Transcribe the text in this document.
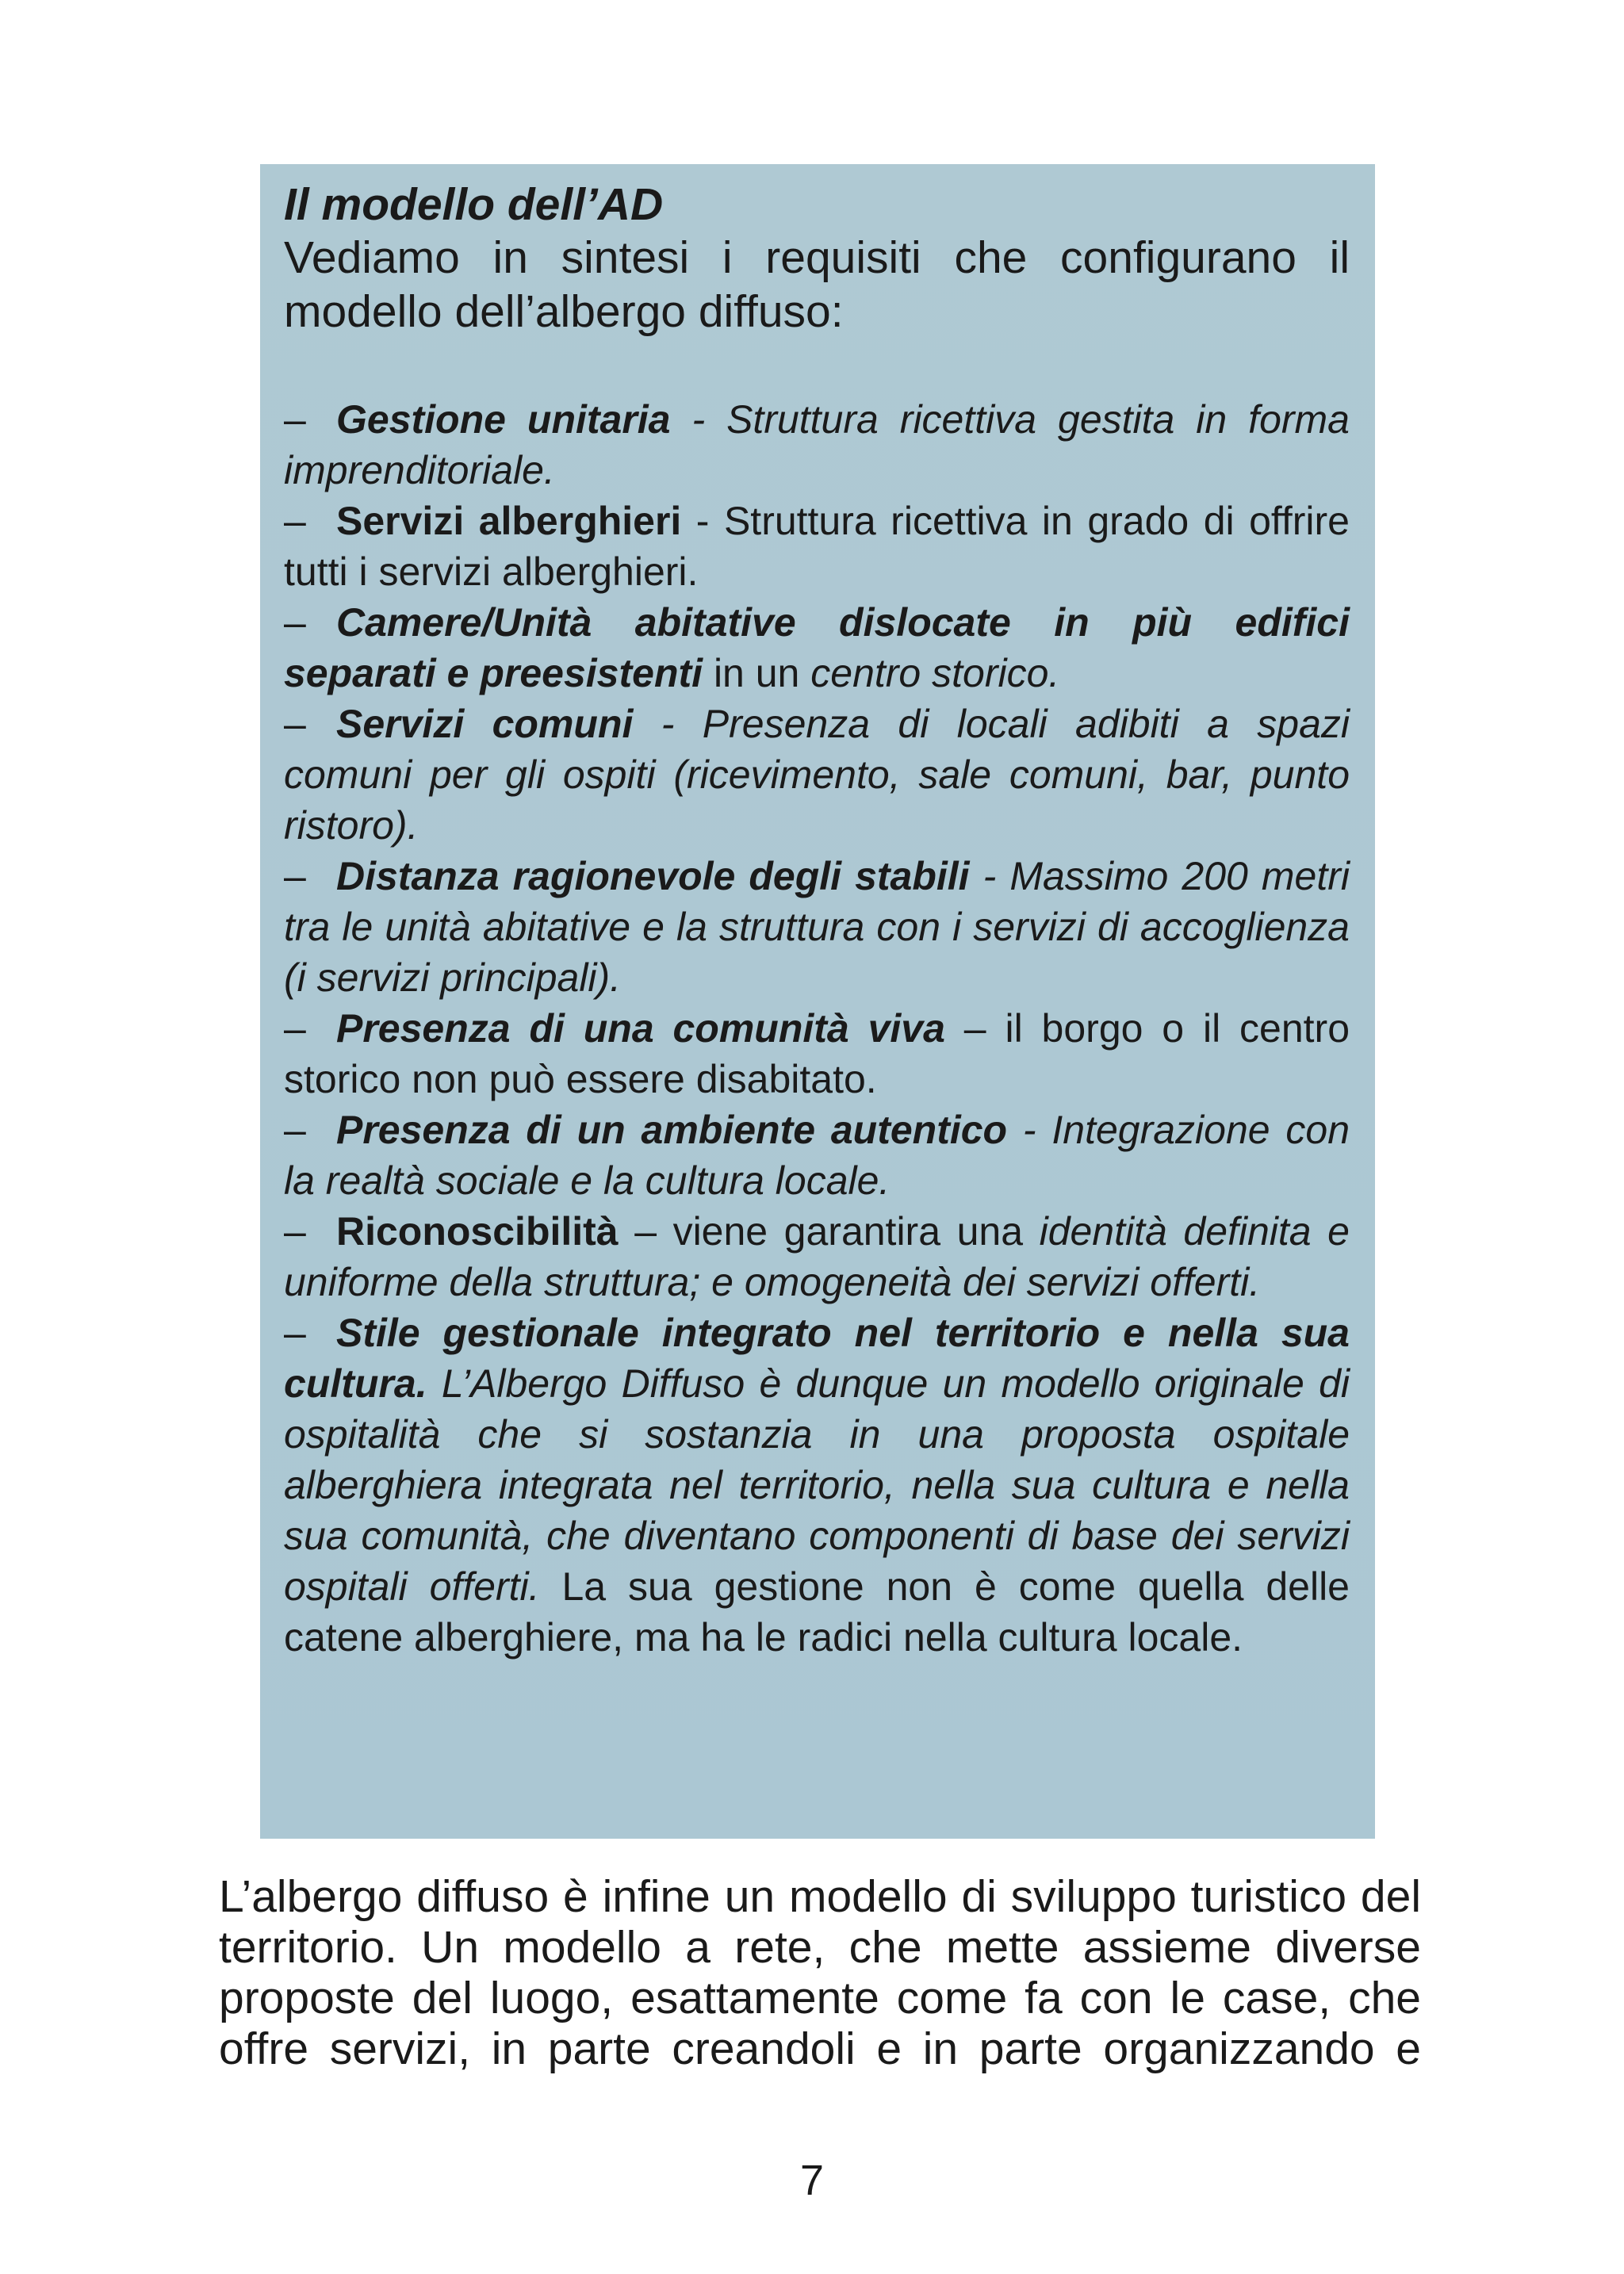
Il modello dell’AD

Vediamo in sintesi i requisiti che configurano il modello dell’albergo diffuso:

– Gestione unitaria - Struttura ricettiva gestita in forma imprenditoriale.

– Servizi alberghieri - Struttura ricettiva in grado di offrire tutti i servizi alberghieri.

– Camere/Unità abitative dislocate in più edifici separati e preesistenti in un centro storico.

– Servizi comuni - Presenza di locali adibiti a spazi comuni per gli ospiti (ricevimento, sale comuni, bar, punto ristoro).

– Distanza ragionevole degli stabili - Massimo 200 metri tra le unità abitative e la struttura con i servizi di accoglienza (i servizi principali).

– Presenza di una comunità viva – il borgo o il centro storico non può essere disabitato.

– Presenza di un ambiente autentico - Integrazione con la realtà sociale e la cultura locale.

– Riconoscibilità – viene garantira una identità definita e uniforme della struttura; e omogeneità dei servizi offerti.

– Stile gestionale integrato nel territorio e nella sua cultura. L’Albergo Diffuso è dunque un modello originale di ospitalità che si sostanzia in una proposta ospitale alberghiera integrata nel territorio, nella sua cultura e nella sua comunità, che diventano componenti di base dei servizi ospitali offerti. La sua gestione non è come quella delle catene alberghiere, ma ha le radici nella cultura locale.

L’albergo diffuso è infine un modello di sviluppo turistico del territorio. Un modello a rete, che mette assieme diverse proposte del luogo, esattamente come fa con le case, che offre servizi, in parte creandoli e in parte organizzando e

7
